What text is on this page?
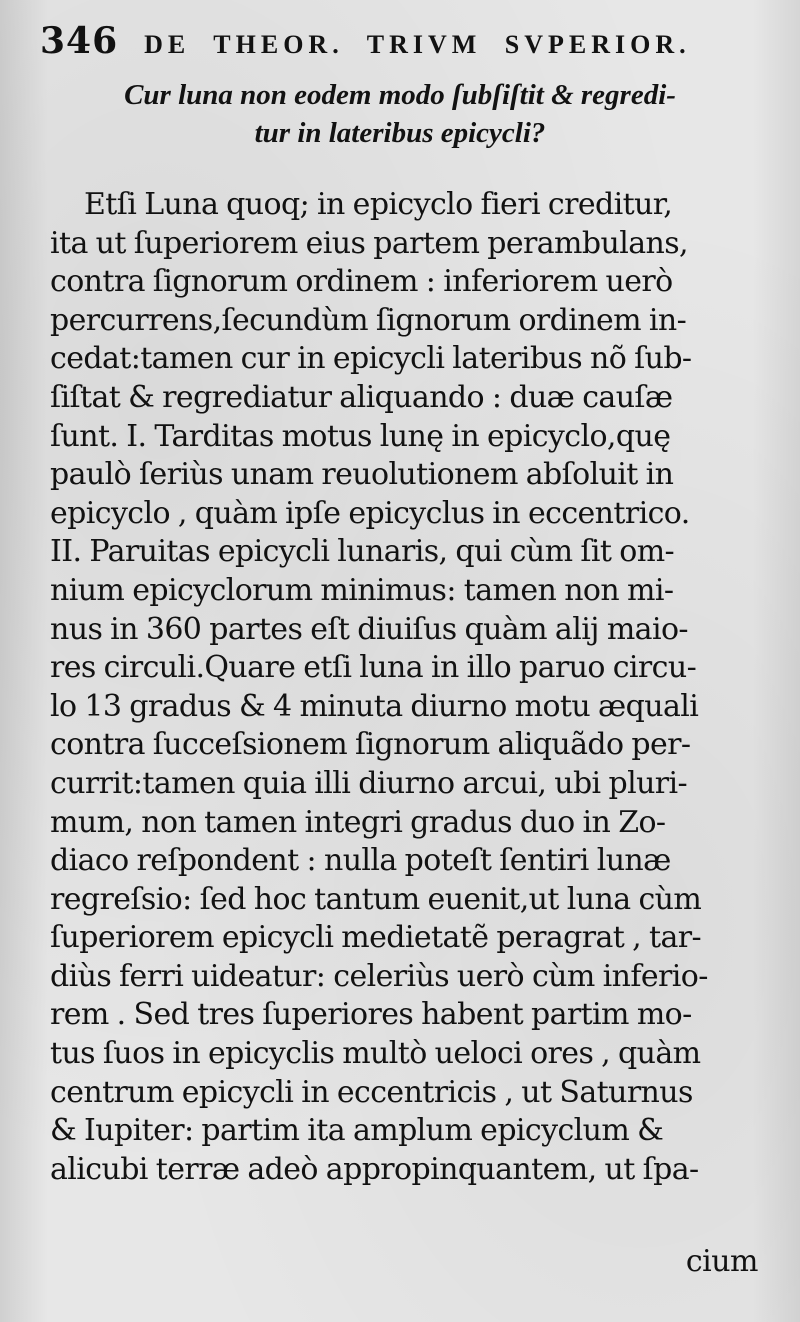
346 DE THEOR. TRIVM SVPERIOR.
Cur luna non eodem modo ſubſiſtit & regredi-
tur in lateribus epicycli?
Etſi Luna quoq; in epicyclo fieri creditur,
ita ut ſuperiorem eius partem perambulans,
contra ſignorum ordinem : inferiorem uerò
percurrens,ſecundùm ſignorum ordinem in-
cedat:tamen cur in epicycli lateribus nõ ſub-
ſiſtat & regrediatur aliquando : duæ cauſæ
ſunt. I. Tarditas motus lunę in epicyclo,quę
paulò ſeriùs unam reuolutionem abſoluit in
epicyclo , quàm ipſe epicyclus in eccentrico.
II. Paruitas epicycli lunaris, qui cùm ſit om-
nium epicyclorum minimus: tamen non mi-
nus in 360 partes eſt diuiſus quàm alij maio-
res circuli.Quare etſi luna in illo paruo circu-
lo 13 gradus & 4 minuta diurno motu æquali
contra ſucceſsionem ſignorum aliquãdo per-
currit:tamen quia illi diurno arcui, ubi pluri-
mum, non tamen integri gradus duo in Zo-
diaco reſpondent : nulla poteſt ſentiri lunæ
regreſsio: ſed hoc tantum euenit,ut luna cùm
ſuperiorem epicycli medietatẽ peragrat , tar-
diùs ferri uideatur: celeriùs uerò cùm inferio-
rem . Sed tres ſuperiores habent partim mo-
tus ſuos in epicyclis multò ueloci ores , quàm
centrum epicycli in eccentricis , ut Saturnus
& Iupiter: partim ita amplum epicyclum &
alicubi terræ adeò appropinquantem, ut ſpa-
cium
